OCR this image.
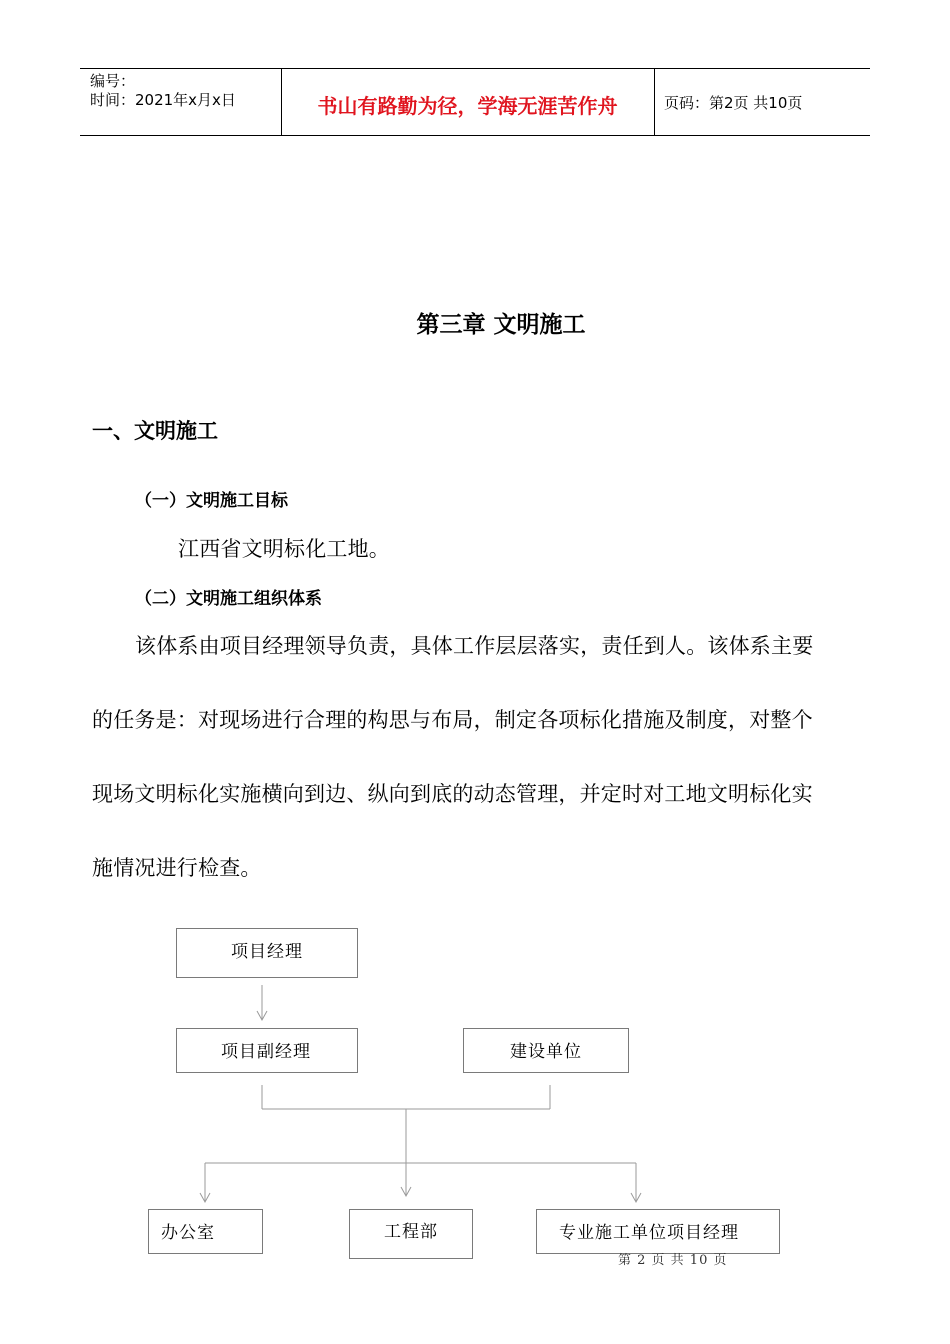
编号：
时间：2021年x月x日	书山有路勤为径，学海无涯苦作舟	页码：第2页 共10页
第三章 文明施工
一、文明施工
（一）文明施工目标
江西省文明标化工地。
（二）文明施工组织体系
该体系由项目经理领导负责，具体工作层层落实，责任到人。该体系主要
的任务是：对现场进行合理的构思与布局，制定各项标化措施及制度，对整个
现场文明标化实施横向到边、纵向到底的动态管理，并定时对工地文明标化实
施情况进行检查。
项目经理
项目副经理	建设单位
办公室	工程部	专业施工单位项目经理
第 2 页 共 10 页
